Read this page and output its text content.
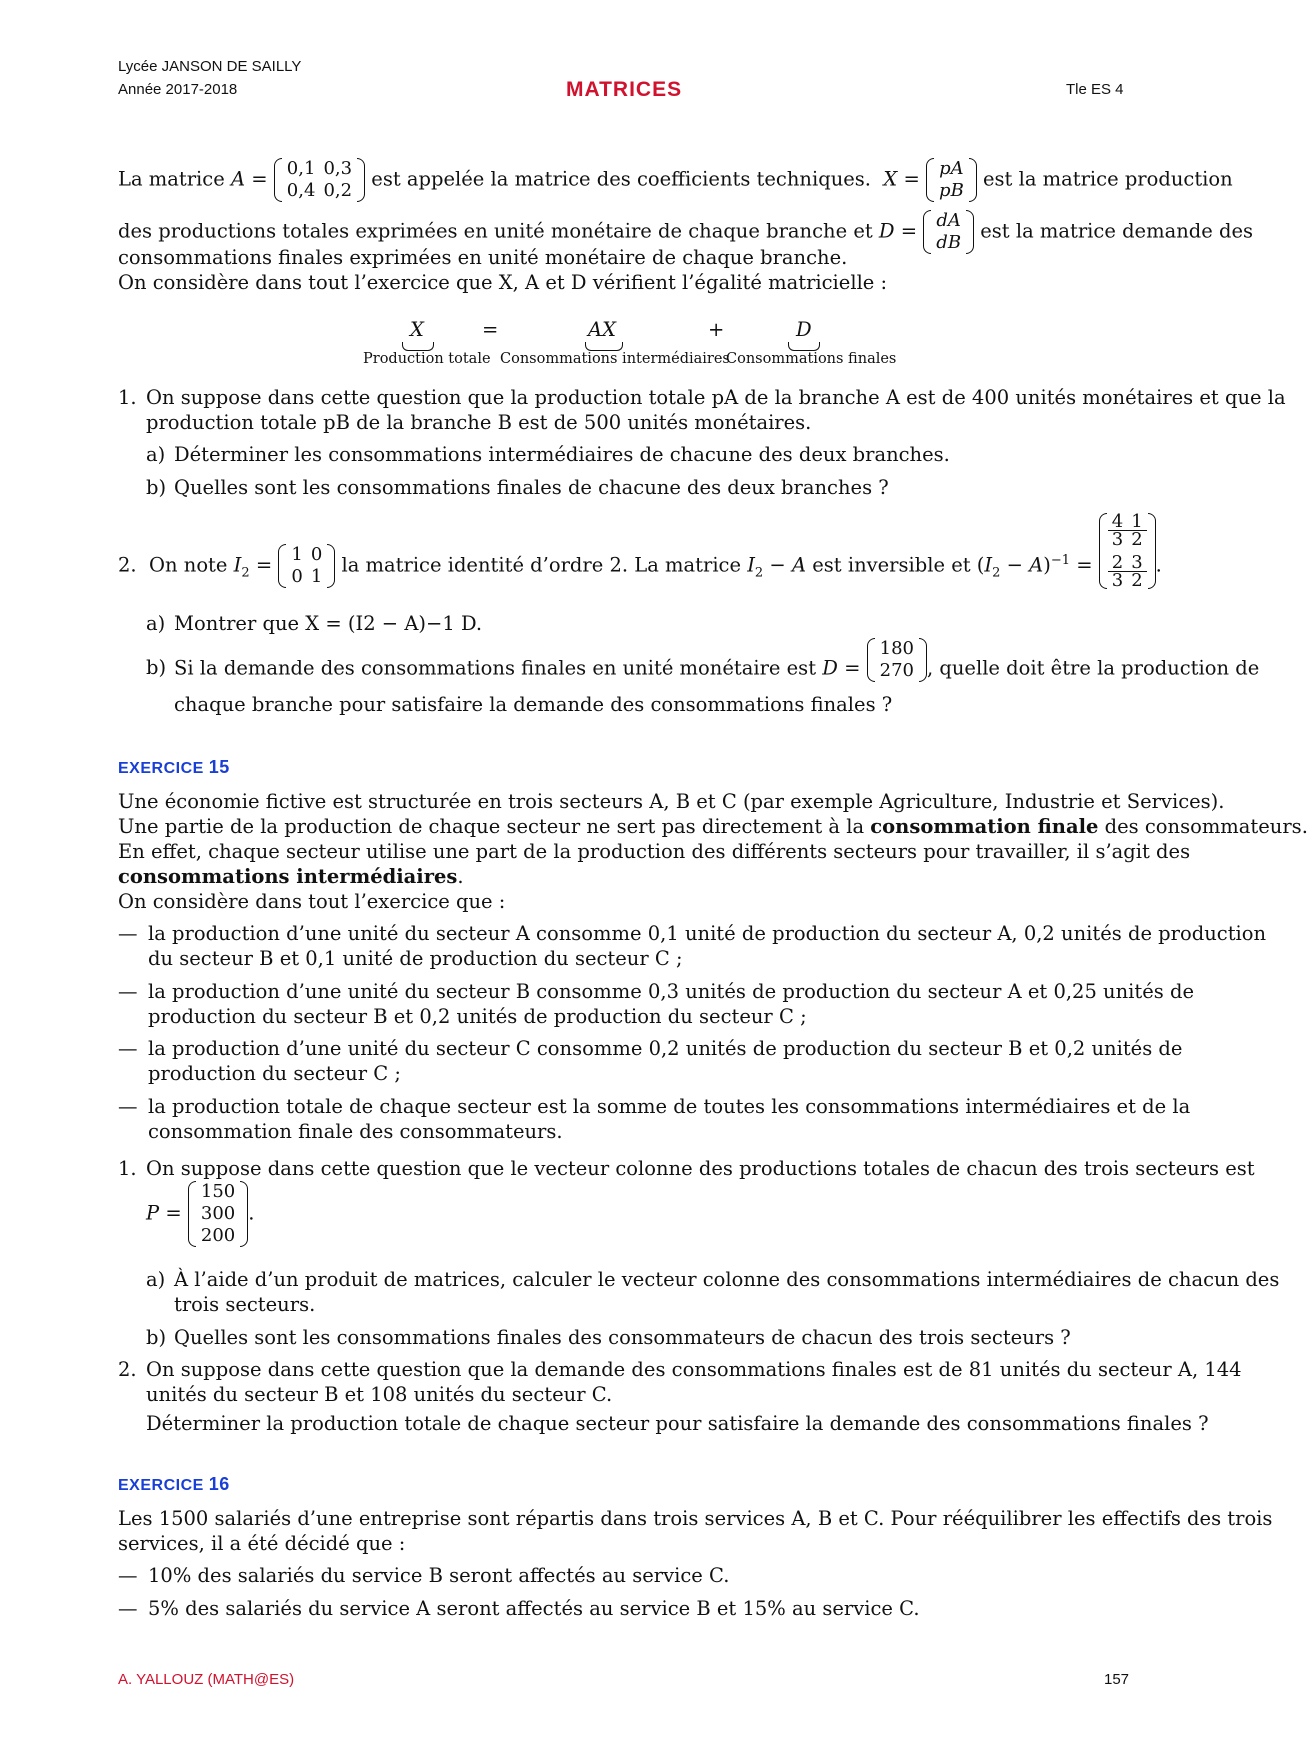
Lycée JANSON DE SAILLY
Année 2017-2018	MATRICES	Tle ES 4
La matrice A = 0,1	0,3
0,4	0,2 est appelée la matrice des coefficients techniques. X = pA
pB est la matrice production
des productions totales exprimées en unité monétaire de chaque branche et D = dA
dB est la matrice demande des
consommations finales exprimées en unité monétaire de chaque branche.
On considère dans tout l’exercice que X, A et D vérifient l’égalité matricielle :
X	=	AX	+	D
Production totale Consommations intermédiaires
Consommations finales
1. On suppose dans cette question que la production totale pA de la branche A est de 400 unités monétaires et que la
production totale pB de la branche B est de 500 unités monétaires.
a) Déterminer les consommations intermédiaires de chacune des deux branches.
b) Quelles sont les consommations finales de chacune des deux branches ?
2.  On note $I_2 = 1$	0
0	1 la matrice identité d’ordre 2. La matrice $I_2 - A$ est inversible et $(I_2 - A)^{-1}$ =
4	1
3	2
2	3
3	2
.
a) Montrer que X = (I2 − A)−1 D.
b) Si la demande des consommations finales en unité monétaire est D =
180
270 , quelle doit être la production de
chaque branche pour satisfaire la demande des consommations finales ?
EXERCICE 15
Une économie fictive est structurée en trois secteurs A, B et C (par exemple Agriculture, Industrie et Services).
Une partie de la production de chaque secteur ne sert pas directement à la consommation finale des consommateurs.
En effet, chaque secteur utilise une part de la production des différents secteurs pour travailler, il s’agit des
consommations intermédiaires.
On considère dans tout l’exercice que :
— la production d’une unité du secteur A consomme 0,1 unité de production du secteur A, 0,2 unités de production
du secteur B et 0,1 unité de production du secteur C ;
— la production d’une unité du secteur B consomme 0,3 unités de production du secteur A et 0,25 unités de
production du secteur B et 0,2 unités de production du secteur C ;
— la production d’une unité du secteur C consomme 0,2 unités de production du secteur B et 0,2 unités de
production du secteur C ;
— la production totale de chaque secteur est la somme de toutes les consommations intermédiaires et de la
consommation finale des consommateurs.
1. On suppose dans cette question que le vecteur colonne des productions totales de chacun des trois secteurs est
P =
150
300
200
.
a) À l’aide d’un produit de matrices, calculer le vecteur colonne des consommations intermédiaires de chacun des
trois secteurs.
b) Quelles sont les consommations finales des consommateurs de chacun des trois secteurs ?
2. On suppose dans cette question que la demande des consommations finales est de 81 unités du secteur A, 144
unités du secteur B et 108 unités du secteur C.
Déterminer la production totale de chaque secteur pour satisfaire la demande des consommations finales ?
EXERCICE 16
Les 1500 salariés d’une entreprise sont répartis dans trois services A, B et C. Pour rééquilibrer les effectifs des trois
services, il a été décidé que :
— 10% des salariés du service B seront affectés au service C.
— 5% des salariés du service A seront affectés au service B et 15% au service C.
A. YALLOUZ (MATH@ES)	157
